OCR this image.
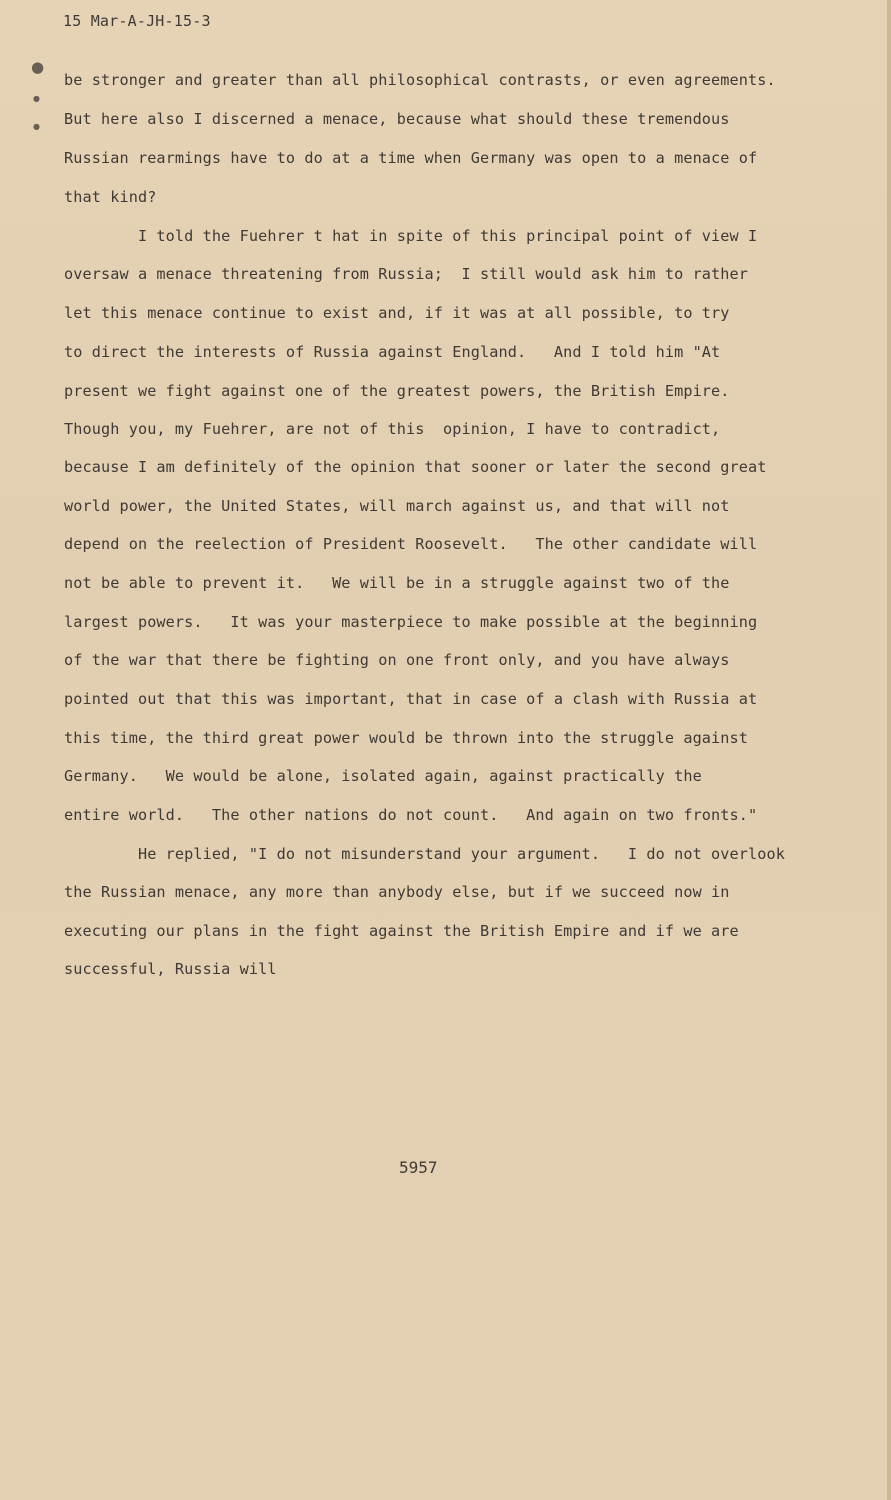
15 Mar-A-JH-15-3
●
●
●
be stronger and greater than all philosophical contrasts, or even agreements.
But here also I discerned a menace, because what should these tremendous
Russian rearmings have to do at a time when Germany was open to a menace of
that kind?
I told the Fuehrer t hat in spite of this principal point of view I
oversaw a menace threatening from Russia;  I still would ask him to rather
let this menace continue to exist and, if it was at all possible, to try
to direct the interests of Russia against England.   And I told him "At
present we fight against one of the greatest powers, the British Empire.
Though you, my Fuehrer, are not of this  opinion, I have to contradict,
because I am definitely of the opinion that sooner or later the second great
world power, the United States, will march against us, and that will not
depend on the reelection of President Roosevelt.   The other candidate will
not be able to prevent it.   We will be in a struggle against two of the
largest powers.   It was your masterpiece to make possible at the beginning
of the war that there be fighting on one front only, and you have always
pointed out that this was important, that in case of a clash with Russia at
this time, the third great power would be thrown into the struggle against
Germany.   We would be alone, isolated again, against practically the
entire world.   The other nations do not count.   And again on two fronts."
He replied, "I do not misunderstand your argument.   I do not overlook
the Russian menace, any more than anybody else, but if we succeed now in
executing our plans in the fight against the British Empire and if we are
successful, Russia will
5957
